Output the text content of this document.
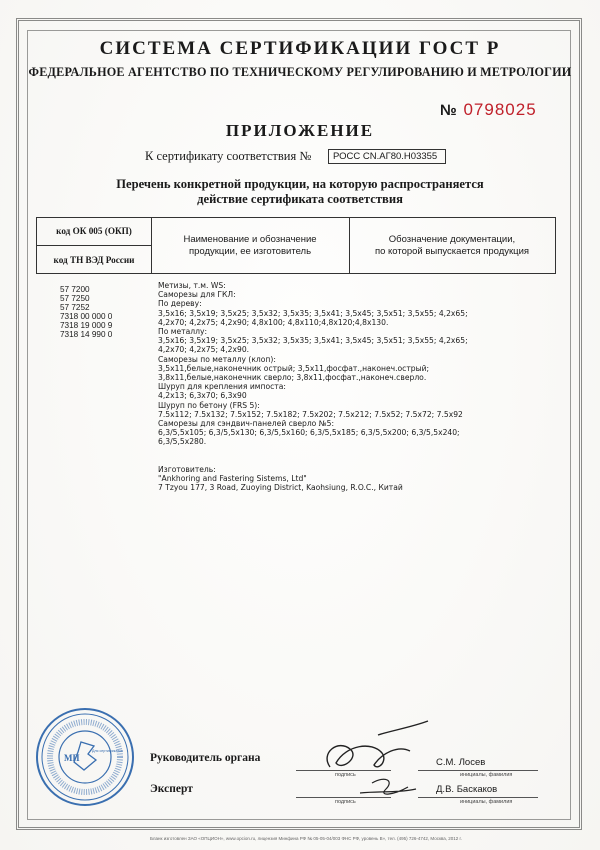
СИСТЕМА СЕРТИФИКАЦИИ ГОСТ Р
ФЕДЕРАЛЬНОЕ АГЕНТСТВО ПО ТЕХНИЧЕСКОМУ РЕГУЛИРОВАНИЮ И МЕТРОЛОГИИ
№ 0798025
ПРИЛОЖЕНИЕ
К сертификату соответствия №	РОСС CN.АГ80.Н03355
Перечень конкретной продукции, на которую распространяется
действие сертификата соответствия
код ОК 005 (ОКП)
код ТН ВЭД России
Наименование и обозначение
продукции, ее изготовитель
Обозначение документации,
по которой выпускается продукция
57 7200
57 7250
57 7252
7318 00 000 0
7318 19 000 9
7318 14 990 0
Метизы, т.м. WS:
Саморезы для ГКЛ:
По дереву:
3,5x16; 3,5x19; 3,5x25; 3,5x32; 3,5x35; 3,5x41; 3,5x45; 3,5x51; 3,5x55; 4,2x65;
4,2x70; 4,2x75; 4,2x90; 4,8x100; 4,8x110;4,8x120;4,8x130.
По металлу:
3,5x16; 3,5x19; 3,5x25; 3,5x32; 3,5x35; 3,5x41; 3,5x45; 3,5x51; 3,5x55; 4,2x65;
4,2x70; 4,2x75; 4,2x90.
Саморезы по металлу (клоп):
3,5x11,белые,наконечник острый; 3,5x11,фосфат.,наконеч.острый;
3,8x11,белые,наконечник сверло; 3,8x11,фосфат.,наконеч.сверло.
Шуруп для крепления импоста:
4,2x13; 6,3x70; 6,3x90
Шуруп по бетону (FRS 5):
7.5x112; 7.5x132; 7.5x152; 7.5x182; 7.5x202; 7.5x212; 7.5x52; 7.5x72; 7.5x92
Саморезы для сэндвич-панелей сверло №5:
6,3/5,5x105; 6,3/5,5x130; 6,3/5,5x160; 6,3/5,5x185; 6,3/5,5x200; 6,3/5,5x240;
6,3/5,5x280.
Изготовитель:
"Ankhoring and Fastering Sistems, Ltd"
7 Tzyou 177, 3 Road, Zuoying District, Kaohsiung, R.O.C., Китай
МП
Для сертификатов
Руководитель органа
подпись
С.М. Лосев
инициалы, фамилия
Эксперт
подпись
Д.В. Баскаков
инициалы, фамилия
Бланк изготовлен ЗАО «ОПЦИОН», www.opcion.ru, лицензия Минфина РФ № 05-05-04/003 ФНС РФ, уровень В», тел. (495) 726-4742, Москва, 2012 г.
